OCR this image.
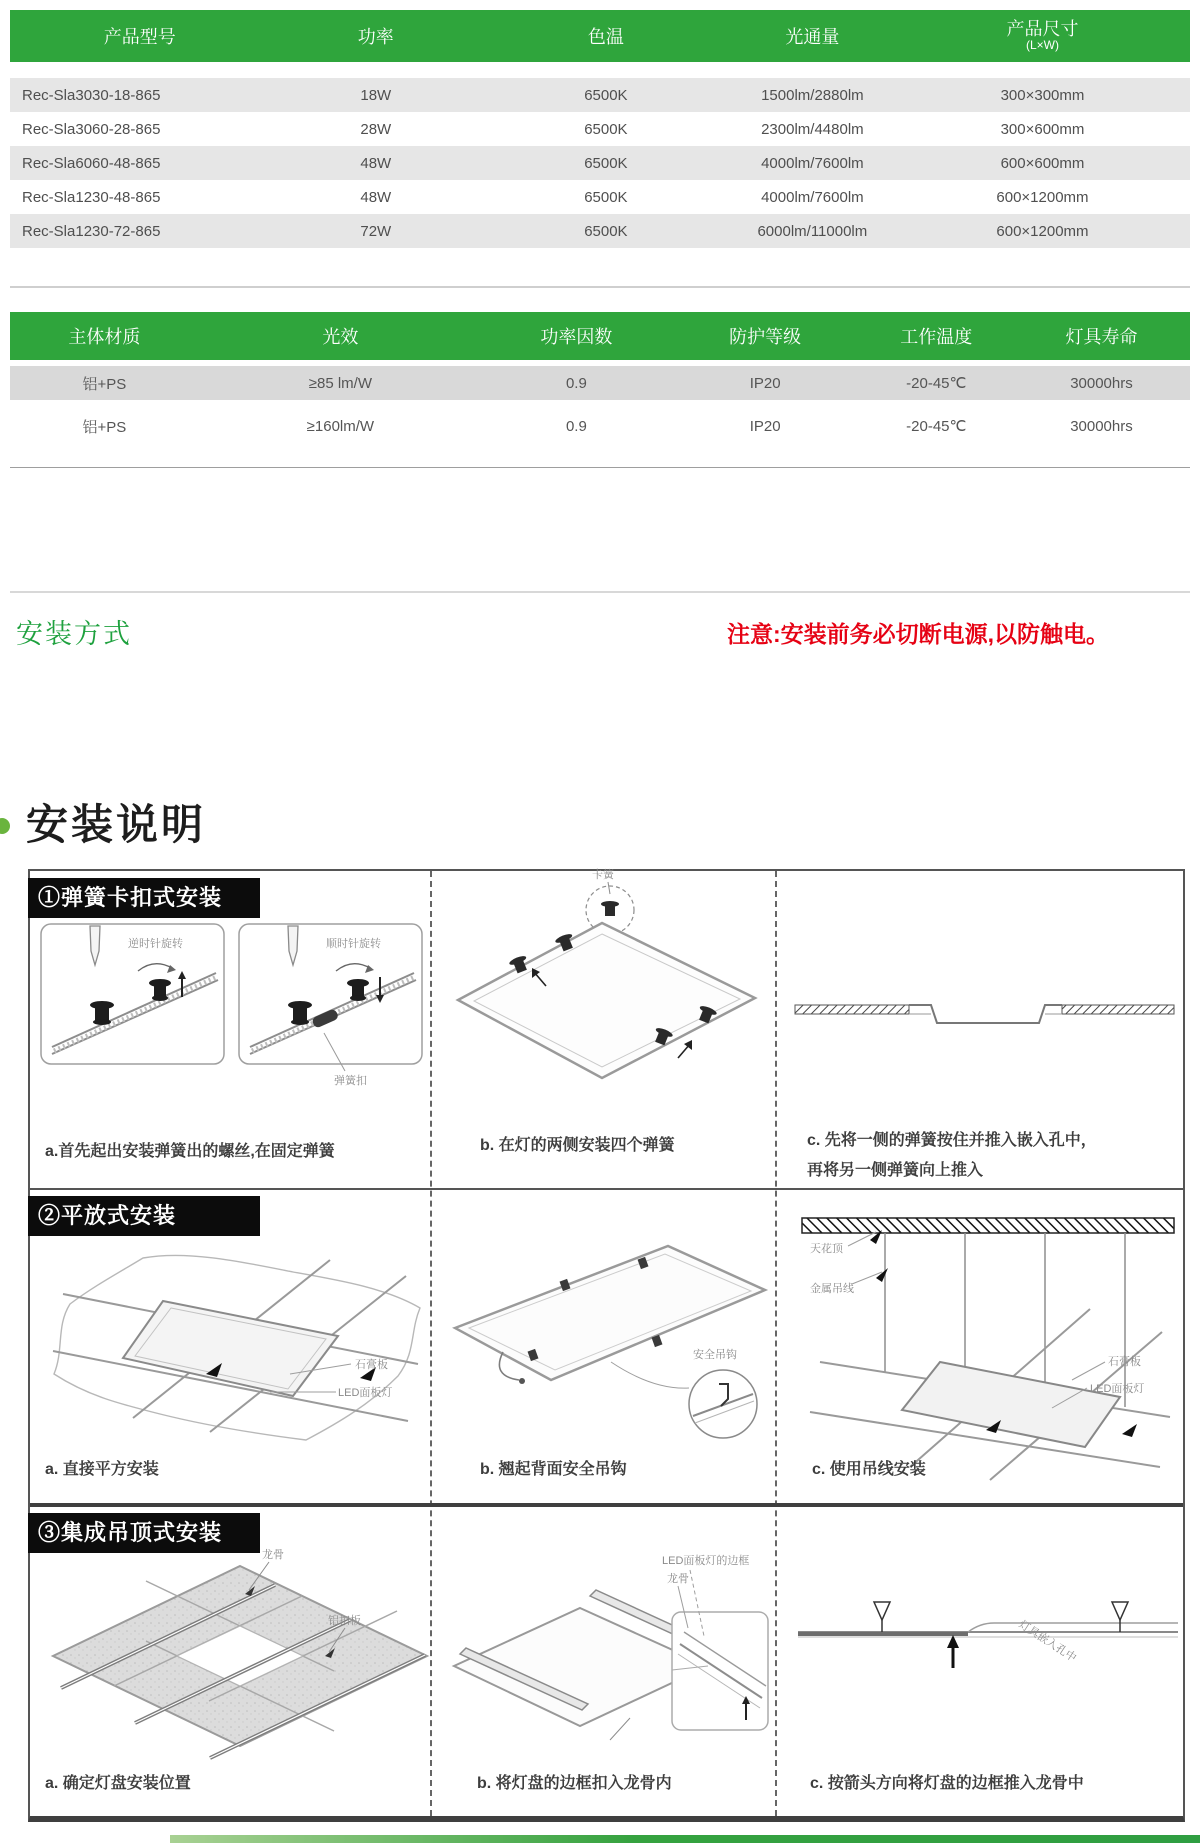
产品型号	功率	色温	光通量	产品尺寸
(L×W)
Rec-Sla3030-18-865	18W	6500K	1500lm/2880lm	300×300mm
Rec-Sla3060-28-865	28W	6500K	2300lm/4480lm	300×600mm
Rec-Sla6060-48-865	48W	6500K	4000lm/7600lm	600×600mm
Rec-Sla1230-48-865	48W	6500K	4000lm/7600lm	600×1200mm
Rec-Sla1230-72-865	72W	6500K	6000lm/11000lm	600×1200mm
主体材质	光效	功率因数	防护等级	工作温度	灯具寿命
铝+PS	≥85 lm/W	0.9	IP20	-20-45℃	30000hrs
铝+PS	≥160lm/W	0.9	IP20	-20-45℃	30000hrs
安装方式	注意:安装前务必切断电源,以防触电。
安装说明
①弹簧卡扣式安装
②平放式安装
③集成吊顶式安装
逆时针旋转	顺时针旋转
弹簧扣
卡簧
石膏板
LED面板灯
安全吊钩
天花顶
金属吊线
石膏板
LED面板灯
龙骨
铝扣板
LED面板灯的边框
龙骨
灯具嵌入孔中
a.首先起出安装弹簧出的螺丝,在固定弹簧	b. 在灯的两侧安装四个弹簧	c. 先将一侧的弹簧按住并推入嵌入孔中，
再将另一侧弹簧向上推入
a. 直接平方安装	b. 翘起背面安全吊钩	c. 使用吊线安装
a. 确定灯盘安装位置	b. 将灯盘的边框扣入龙骨内	c. 按箭头方向将灯盘的边框推入龙骨中
